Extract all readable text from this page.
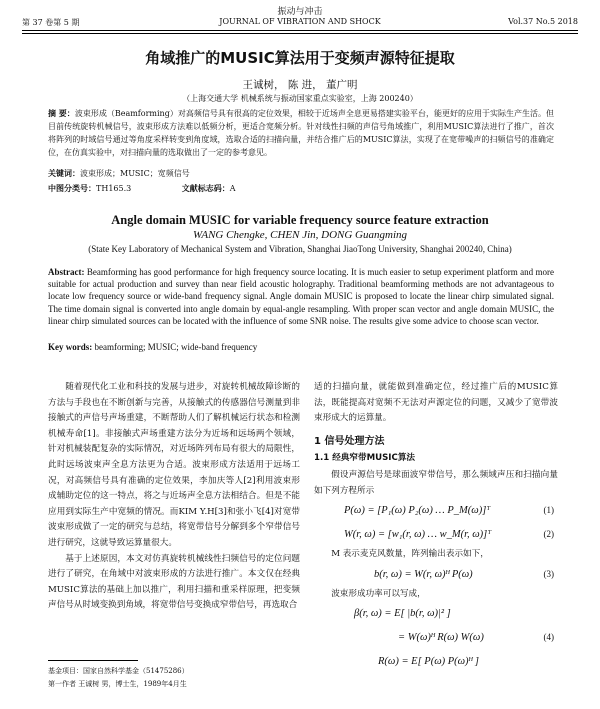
振动与冲击
第 37 卷第 5 期	JOURNAL OF VIBRATION AND SHOCK	Vol.37 No.5 2018
角域推广的MUSIC算法用于变频声源特征提取
王诚树， 陈 进， 董广明
（上海交通大学 机械系统与振动国家重点实验室，上海 200240）
摘 要：波束形成（Beamforming）对高频信号具有很高的定位效果，相较于近场声全息更易搭建实验平台，能更好的应用于实际生产生活。但目前传统旋转机械信号，波束形成方法难以低频分析，更适合宽频分析。针对线性扫频的声信号角域推广，利用MUSIC算法进行了推广，首次将阵列的时域信号通过等角度采样转变到角度域，选取合适的扫描向量，并结合推广后的MUSIC算法，实现了在宽带噪声的扫频信号的准确定位，在仿真实验中，对扫描向量的选取做出了一定的参考意见。
关键词：波束形成；MUSIC；宽频信号
中图分类号：TH165.3	文献标志码：A
Angle domain MUSIC for variable frequency source feature extraction
WANG Chengke, CHEN Jin, DONG Guangming
(State Key Laboratory of Mechanical System and Vibration, Shanghai JiaoTong University, Shanghai 200240, China)
Abstract: Beamforming has good performance for high frequency source locating. It is much easier to setup experiment platform and more suitable for actual production and survey than near field acoustic holography. Traditional beamforming methods are not advantageous to locate low frequency source or wide-band frequency signal. Angle domain MUSIC is proposed to locate the linear chirp simulated signal. The time domain signal is converted into angle domain by equal-angle resampling. With proper scan vector and angle domain MUSIC, the linear chirp simulated sources can be located with the influence of some SNR noise. The results give some advice to choose scan vector.
Key words: beamforming; MUSIC; wide-band frequency

随着现代化工业和科技的发展与进步，对旋转机械故障诊断的方法与手段也在不断创新与完善，从接触式的传感器信号测量到非接触式的声信号声场重建，不断帮助人们了解机械运行状态和检测机械寿命[1]。非接触式声场重建方法分为近场和远场两个领域，针对机械装配复杂的实际情况，对近场阵列布局有很大的局限性，此时远场波束声全息方法更为合适。波束形成方法适用于远场工况，对高频信号具有准确的定位效果，李加庆等人[2]利用波束形成辅助定位的这一特点，将之与近场声全息方法相结合。但是不能应用到实际生产中宽频的情况。而KIM Y.H[3]和张小飞[4]对宽带波束形成做了一定的研究与总结，将宽带信号分解到多个窄带信号进行研究，这就导致运算量很大。

基于上述原因，本文对仿真旋转机械线性扫频信号的定位问题进行了研究，在角域中对波束形成的方法进行推广。本文仅在经典MUSIC算法的基础上加以推广，利用扫描和重采样原理，把变频声信号从时域变换到角域，将宽带信号变换成窄带信号，再选取合

适的扫描向量，就能做到准确定位，经过推广后的MUSIC算法，既能提高对宽频不无法对声源定位的问题，又减少了宽带波束形成大的运算量。

1 信号处理方法
1.1 经典窄带MUSIC算法

假设声源信号是球面波窄带信号，那么频域声压和扫描向量如下列方程所示

P(ω) = [P₁(ω) P₂(ω) … P_M(ω)]ᵀ	(1)
W(r, ω) = [w₁(r, ω) … w_M(r, ω)]ᵀ	(2)

M 表示麦克风数量，阵列输出表示如下，

b(r, ω) = W(r, ω)ᴴ P(ω)	(3)

波束形成功率可以写成，

β(r, ω) = E[ |b(r, ω)|² ]
= W(ω)ᴴ R(ω) W(ω)	(4)
R(ω) = E[ P(ω) P(ω)ᴴ ]
基金项目：国家自然科学基金（51475286）
第一作者 王诚树 男，博士生，1989年4月生
